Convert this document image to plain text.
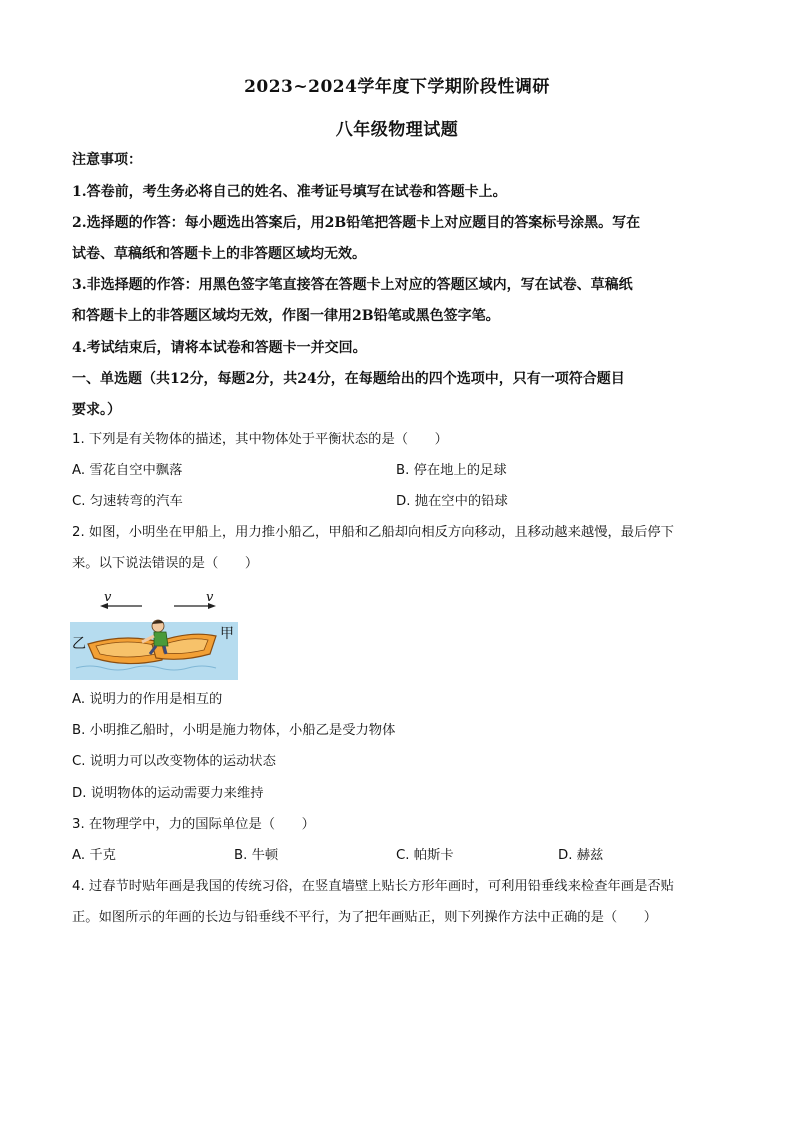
2023~2024学年度下学期阶段性调研
八年级物理试题
注意事项：
1.答卷前，考生务必将自己的姓名、准考证号填写在试卷和答题卡上。
2.选择题的作答：每小题选出答案后，用2B铅笔把答题卡上对应题目的答案标号涂黑。写在
试卷、草稿纸和答题卡上的非答题区域均无效。
3.非选择题的作答：用黑色签字笔直接答在答题卡上对应的答题区域内，写在试卷、草稿纸
和答题卡上的非答题区域均无效，作图一律用2B铅笔或黑色签字笔。
4.考试结束后，请将本试卷和答题卡一并交回。
一、单选题（共12分，每题2分，共24分，在每题给出的四个选项中，只有一项符合题目
要求。）
1. 下列是有关物体的描述，其中物体处于平衡状态的是（　　）
A. 雪花自空中飘落	B. 停在地上的足球
C. 匀速转弯的汽车	D. 抛在空中的铅球
2. 如图，小明坐在甲船上，用力推小船乙，甲船和乙船却向相反方向移动，且移动越来越慢，最后停下
来。以下说法错误的是（　　）
v	v
乙
甲
A. 说明力的作用是相互的
B. 小明推乙船时，小明是施力物体，小船乙是受力物体
C. 说明力可以改变物体的运动状态
D. 说明物体的运动需要力来维持
3. 在物理学中，力的国际单位是（　　）
A. 千克	B. 牛顿	C. 帕斯卡	D. 赫兹
4. 过春节时贴年画是我国的传统习俗，在竖直墙壁上贴长方形年画时，可利用铅垂线来检查年画是否贴
正。如图所示的年画的长边与铅垂线不平行，为了把年画贴正，则下列操作方法中正确的是（　　）
